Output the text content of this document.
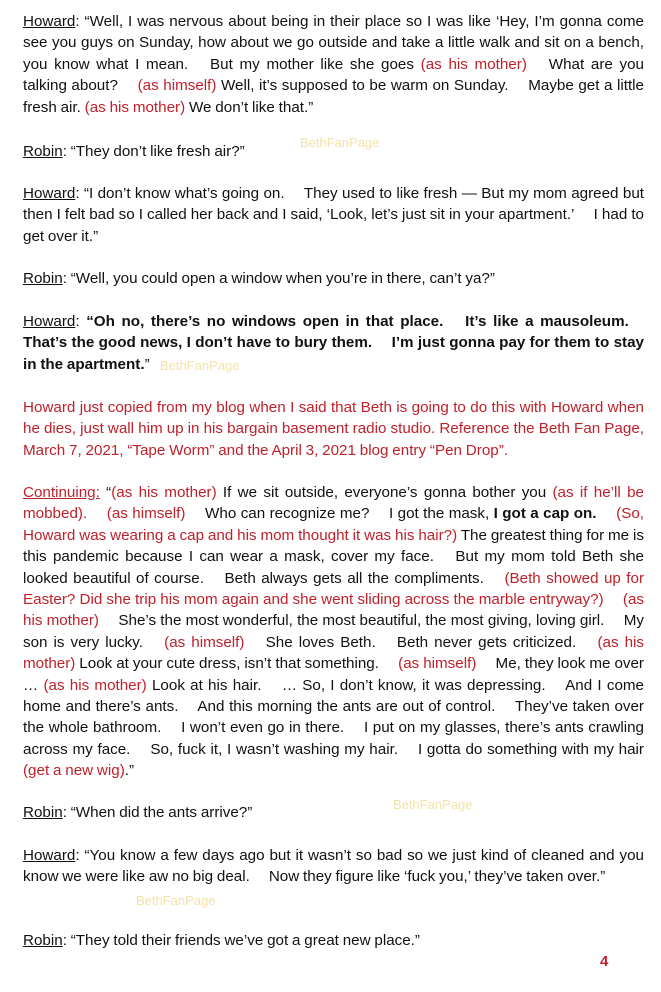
Howard: “Well, I was nervous about being in their place so I was like ‘Hey, I’m gonna come see you guys on Sunday, how about we go outside and take a little walk and sit on a bench, you know what I mean.  But my mother like she goes (as his mother)  What are you talking about?  (as himself) Well, it’s supposed to be warm on Sunday.  Maybe get a little fresh air. (as his mother) We don’t like that.”

Robin: “They don’t like fresh air?”

Howard: “I don’t know what’s going on.  They used to like fresh — But my mom agreed but then I felt bad so I called her back and I said, ‘Look, let’s just sit in your apartment.’  I had to get over it.”

Robin: “Well, you could open a window when you’re in there, can’t ya?”

Howard: “Oh no, there’s no windows open in that place.  It’s like a mausoleum.  That’s the good news, I don’t have to bury them.  I’m just gonna pay for them to stay in the apartment.”

Howard just copied from my blog when I said that Beth is going to do this with Howard when he dies, just wall him up in his bargain basement radio studio. Reference the Beth Fan Page, March 7, 2021, “Tape Worm” and the April 3, 2021 blog entry “Pen Drop”.

Continuing: “(as his mother) If we sit outside, everyone’s gonna bother you (as if he’ll be mobbed).  (as himself)  Who can recognize me?  I got the mask, I got a cap on.  (So, Howard was wearing a cap and his mom thought it was his hair?) The greatest thing for me is this pandemic because I can wear a mask, cover my face.  But my mom told Beth she looked beautiful of course.  Beth always gets all the compliments.  (Beth showed up for Easter? Did she trip his mom again and she went sliding across the marble entryway?)  (as his mother)  She’s the most wonderful, the most beautiful, the most giving, loving girl.  My son is very lucky.  (as himself)  She loves Beth.  Beth never gets criticized.  (as his mother) Look at your cute dress, isn’t that something.  (as himself)  Me, they look me over … (as his mother) Look at his hair.  … So, I don’t know, it was depressing.  And I come home and there’s ants.  And this morning the ants are out of control.  They’ve taken over the whole bathroom.  I won’t even go in there.  I put on my glasses, there’s ants crawling across my face.  So, fuck it, I wasn’t washing my hair.  I gotta do something with my hair (get a new wig).”

Robin: “When did the ants arrive?”

Howard: “You know a few days ago but it wasn’t so bad so we just kind of cleaned and you know we were like aw no big deal.  Now they figure like ‘fuck you,’ they’ve taken over.”

Robin: “They told their friends we’ve got a great new place.”

BethFanPage
BethFanPage
BethFanPage
BethFanPage
4
